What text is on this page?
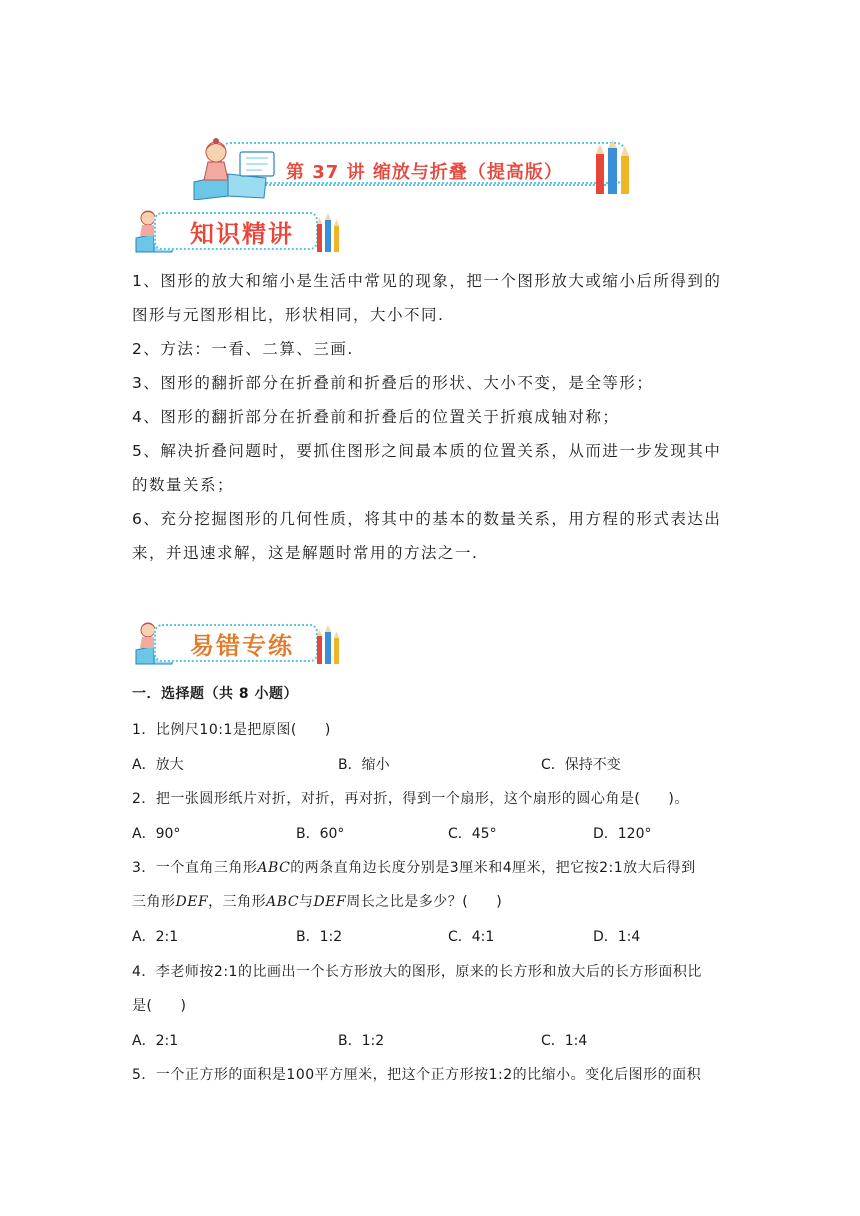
第 37 讲 缩放与折叠（提高版）
知识精讲
1、图形的放大和缩小是生活中常见的现象，把一个图形放大或缩小后所得到的图形与元图形相比，形状相同，大小不同.
2、方法：一看、二算、三画.
3、图形的翻折部分在折叠前和折叠后的形状、大小不变，是全等形；
4、图形的翻折部分在折叠前和折叠后的位置关于折痕成轴对称；
5、解决折叠问题时，要抓住图形之间最本质的位置关系，从而进一步发现其中的数量关系；
6、充分挖掘图形的几何性质，将其中的基本的数量关系，用方程的形式表达出来，并迅速求解，这是解题时常用的方法之一.
易错专练
一．选择题（共 8 小题）
1．比例尺10:1是把原图( )
A．放大	B．缩小	C．保持不变
2．把一张圆形纸片对折，对折，再对折，得到一个扇形，这个扇形的圆心角是( )。
A．90°	B．60°	C．45°	D．120°
3．一个直角三角形ABC的两条直角边长度分别是3厘米和4厘米，把它按2:1放大后得到
三角形DEF，三角形ABC与DEF周长之比是多少？( )
A．2:1	B．1:2	C．4:1	D．1:4
4．李老师按2:1的比画出一个长方形放大的图形，原来的长方形和放大后的长方形面积比
是( )
A．2:1	B．1:2	C．1:4
5．一个正方形的面积是100平方厘米，把这个正方形按1:2的比缩小。变化后图形的面积
